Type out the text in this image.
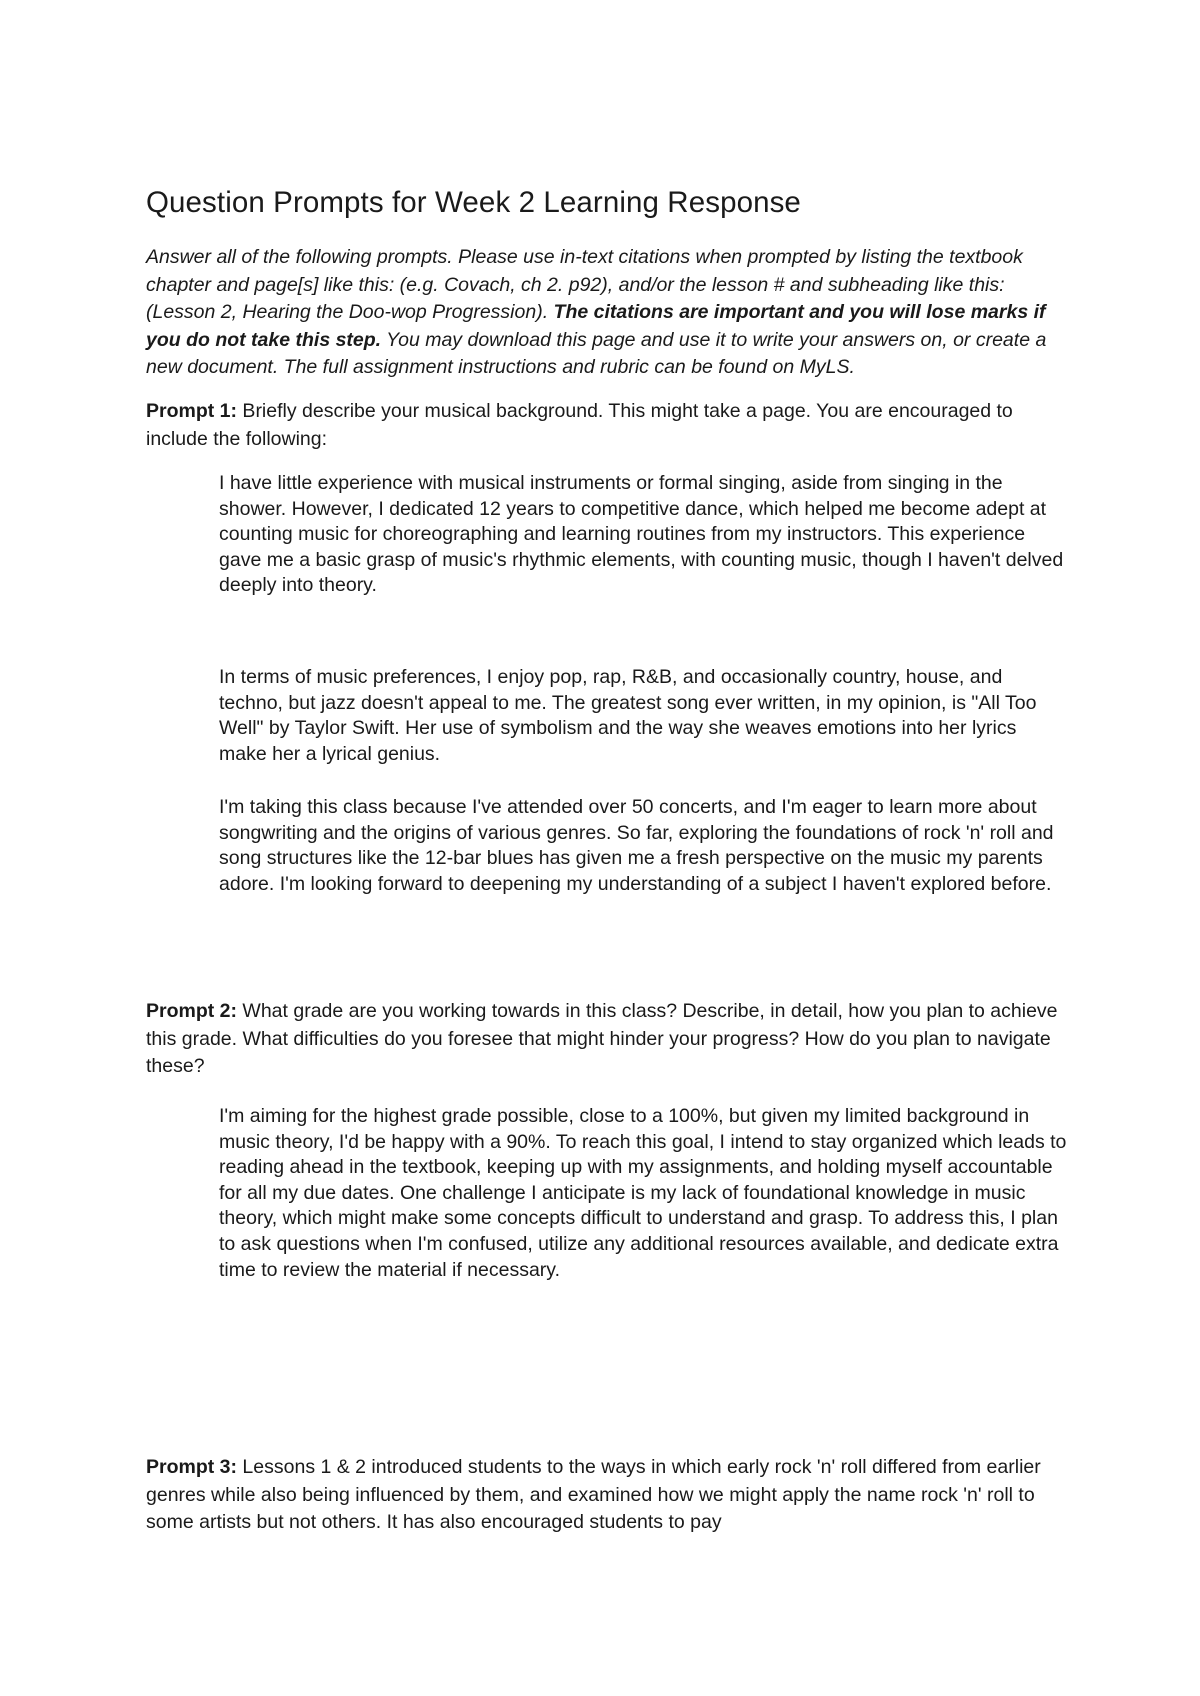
Question Prompts for Week 2 Learning Response

Answer all of the following prompts. Please use in-text citations when prompted by listing the textbook chapter and page[s] like this: (e.g. Covach, ch 2. p92), and/or the lesson # and subheading like this: (Lesson 2, Hearing the Doo-wop Progression). The citations are important and you will lose marks if you do not take this step. You may download this page and use it to write your answers on, or create a new document. The full assignment instructions and rubric can be found on MyLS.

Prompt 1: Briefly describe your musical background. This might take a page. You are encouraged to include the following:

I have little experience with musical instruments or formal singing, aside from singing in the shower. However, I dedicated 12 years to competitive dance, which helped me become adept at counting music for choreographing and learning routines from my instructors. This experience gave me a basic grasp of music's rhythmic elements, with counting music, though I haven't delved deeply into theory.

In terms of music preferences, I enjoy pop, rap, R&B, and occasionally country, house, and techno, but jazz doesn't appeal to me. The greatest song ever written, in my opinion, is "All Too Well" by Taylor Swift. Her use of symbolism and the way she weaves emotions into her lyrics make her a lyrical genius.

I'm taking this class because I've attended over 50 concerts, and I'm eager to learn more about songwriting and the origins of various genres. So far, exploring the foundations of rock 'n' roll and song structures like the 12-bar blues has given me a fresh perspective on the music my parents adore. I'm looking forward to deepening my understanding of a subject I haven't explored before.

Prompt 2: What grade are you working towards in this class? Describe, in detail, how you plan to achieve this grade. What difficulties do you foresee that might hinder your progress? How do you plan to navigate these?

I'm aiming for the highest grade possible, close to a 100%, but given my limited background in music theory, I'd be happy with a 90%. To reach this goal, I intend to stay organized which leads to reading ahead in the textbook, keeping up with my assignments, and holding myself accountable for all my due dates. One challenge I anticipate is my lack of foundational knowledge in music theory, which might make some concepts difficult to understand and grasp. To address this, I plan to ask questions when I'm confused, utilize any additional resources available, and dedicate extra time to review the material if necessary.

Prompt 3: Lessons 1 & 2 introduced students to the ways in which early rock 'n' roll differed from earlier genres while also being influenced by them, and examined how we might apply the name rock 'n' roll to some artists but not others. It has also encouraged students to pay
